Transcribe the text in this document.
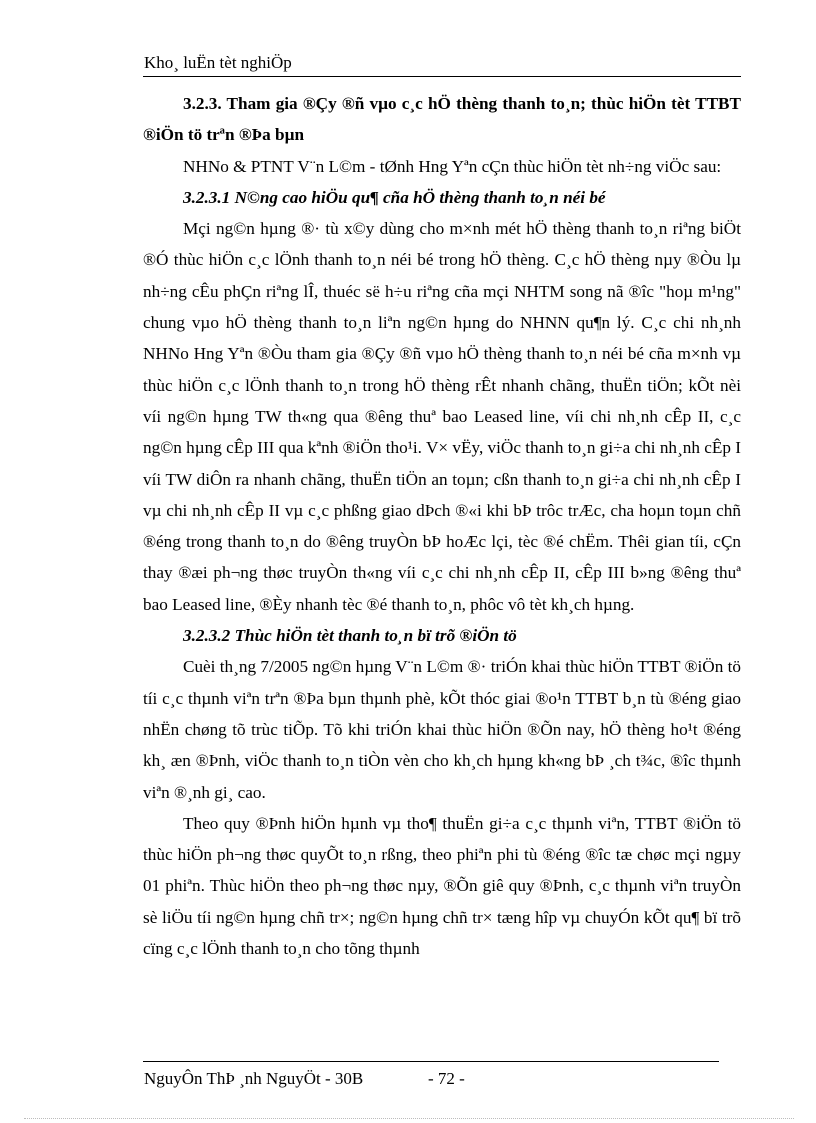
Kho¸ luËn tèt nghiÖp

3.2.3. Tham gia ®Çy ®ñ vµo c¸c hÖ thèng thanh to¸n; thùc hiÖn tèt TTBT ®iÖn tö trªn ®Þa bµn

NHNo & PTNT V¨n L©m - tØnh Hng Yªn cÇn thùc hiÖn tèt nh÷ng viÖc sau:

3.2.3.1 N©ng cao hiÖu qu¶ cña hÖ thèng thanh to¸n néi bé

Mçi ng©n hµng ®· tù x©y dùng cho m×nh mét hÖ thèng thanh to¸n riªng biÖt ®Ó thùc hiÖn c¸c lÖnh thanh to¸n néi bé trong hÖ thèng. C¸c hÖ thèng nµy ®Òu lµ nh÷ng cÊu phÇn riªng lÎ, thuéc së h÷u riªng cña mçi NHTM song nã ®îc "hoµ m¹ng" chung vµo hÖ thèng thanh to¸n liªn ng©n hµng do NHNN qu¶n lý. C¸c chi nh¸nh NHNo Hng Yªn ®Òu tham gia ®Çy ®ñ vµo hÖ thèng thanh to¸n néi bé cña m×nh vµ thùc hiÖn c¸c lÖnh thanh to¸n trong hÖ thèng rÊt nhanh chãng, thuËn tiÖn; kÕt nèi víi ng©n hµng TW th«ng qua ®êng thuª bao Leased line, víi chi nh¸nh cÊp II, c¸c ng©n hµng cÊp III qua kªnh ®iÖn tho¹i. V× vËy, viÖc thanh to¸n gi÷a chi nh¸nh cÊp I víi TW diÔn ra nhanh chãng, thuËn tiÖn an toµn; cßn thanh to¸n gi÷a chi nh¸nh cÊp I vµ chi nh¸nh cÊp II vµ c¸c phßng giao dÞch ®«i khi bÞ trôc trÆc, cha hoµn toµn chñ ®éng trong thanh to¸n do ®êng truyÒn bÞ hoÆc lçi, tèc ®é chËm. Thêi gian tíi, cÇn thay ®æi ph¬ng thøc truyÒn th«ng víi c¸c chi nh¸nh cÊp II, cÊp III b»ng ®êng thuª bao Leased line, ®Èy nhanh tèc ®é thanh to¸n, phôc vô tèt kh¸ch hµng.

3.2.3.2 Thùc hiÖn tèt thanh to¸n bï trõ ®iÖn tö

Cuèi th¸ng 7/2005 ng©n hµng V¨n L©m ®· triÓn khai thùc hiÖn TTBT ®iÖn tö tíi c¸c thµnh viªn trªn ®Þa bµn thµnh phè, kÕt thóc giai ®o¹n TTBT b¸n tù ®éng giao nhËn chøng tõ trùc tiÕp. Tõ khi triÓn khai thùc hiÖn ®Õn nay, hÖ thèng ho¹t ®éng kh¸ æn ®Þnh, viÖc thanh to¸n tiÒn vèn cho kh¸ch hµng kh«ng bÞ ¸ch t¾c, ®îc thµnh viªn ®¸nh gi¸ cao.

Theo quy ®Þnh hiÖn hµnh vµ tho¶ thuËn gi÷a c¸c thµnh viªn, TTBT ®iÖn tö thùc hiÖn ph¬ng thøc quyÕt to¸n rßng, theo phiªn phi tù ®éng ®îc tæ chøc mçi ngµy 01 phiªn. Thùc hiÖn theo ph¬ng thøc nµy, ®Õn giê quy ®Þnh, c¸c thµnh viªn truyÒn sè liÖu tíi ng©n hµng chñ tr×; ng©n hµng chñ tr× tæng hîp vµ chuyÓn kÕt qu¶ bï trõ cïng c¸c lÖnh thanh to¸n cho tõng thµnh

NguyÔn ThÞ ¸nh NguyÖt - 30B	- 72 -
